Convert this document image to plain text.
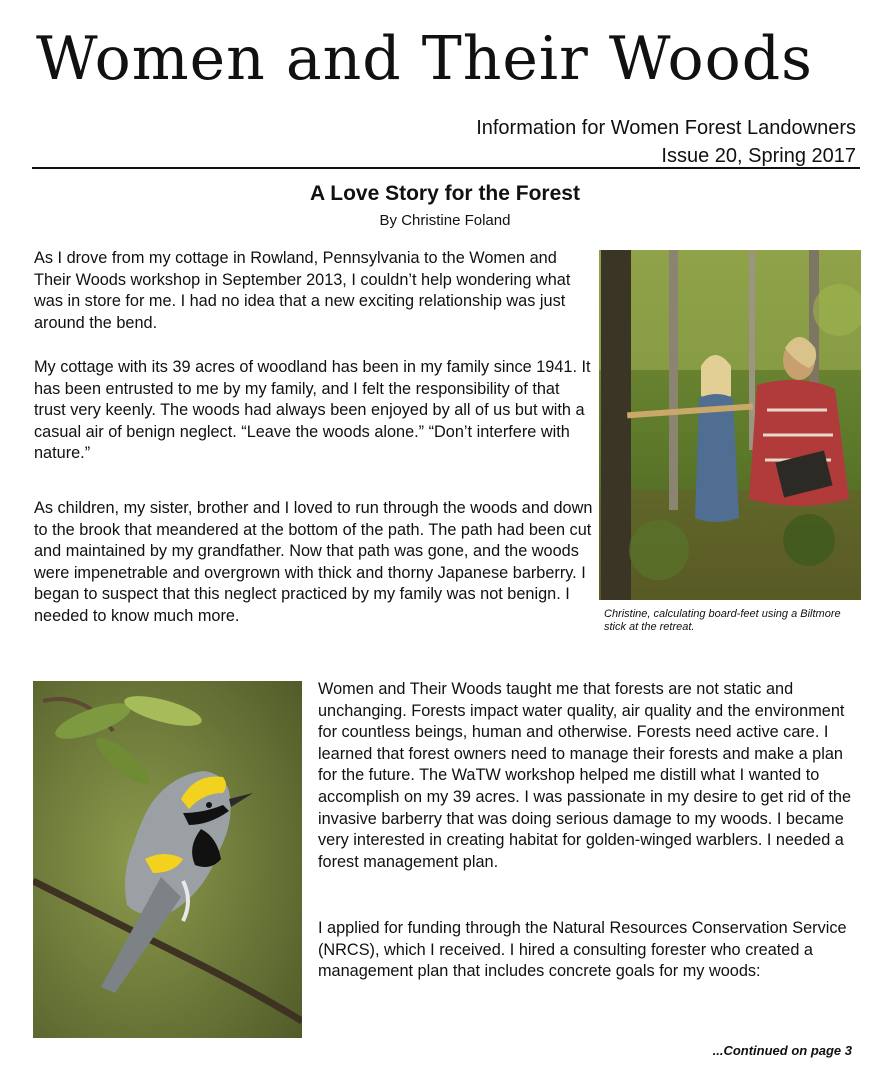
Women and Their Woods
Information for Women Forest Landowners
Issue 20, Spring 2017
A Love Story for the Forest
By Christine Foland

As I drove from my cottage in Rowland, Pennsylvania to the Women and Their Woods workshop in September 2013, I couldn’t help wondering what was in store for me. I had no idea that a new exciting relationship was just around the bend.

My cottage with its 39 acres of woodland has been in my family since 1941. It has been entrusted to me by my family, and I felt the responsibility of that trust very keenly. The woods had always been enjoyed by all of us but with a casual air of benign neglect. “Leave the woods alone.” “Don’t interfere with nature.”

As children, my sister, brother and I loved to run through the woods and down to the brook that meandered at the bottom of the path. The path had been cut and maintained by my grandfather. Now that path was gone, and the woods were impenetrable and overgrown with thick and thorny Japanese barberry. I began to suspect that this neglect practiced by my family was not benign. I needed to know much more.	Christine, calculating board-feet using a Biltmore stick at the retreat.

Women and Their Woods taught me that forests are not static and unchanging. Forests impact water quality, air quality and the environment for countless beings, human and otherwise. Forests need active care. I learned that forest owners need to manage their forests and make a plan for the future. The WaTW workshop helped me distill what I wanted to accomplish on my 39 acres. I was passionate in my desire to get rid of the invasive barberry that was doing serious damage to my woods. I became very interested in creating habitat for golden-winged warblers. I needed a forest management plan.

I applied for funding through the Natural Resources Conservation Service (NRCS), which I received. I hired a consulting forester who created a management plan that includes concrete goals for my woods:

...Continued on page 3
